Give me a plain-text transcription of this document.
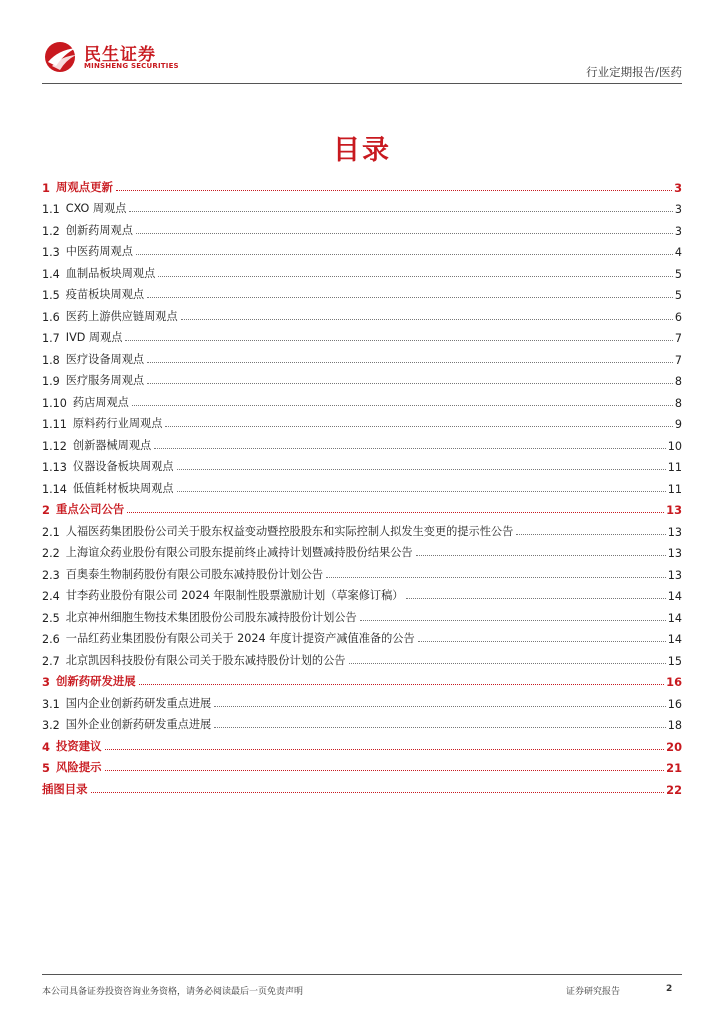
民生证券
MINSHENG SECURITIES	行业定期报告/医药
目录
1 周观点更新	3
1.1 CXO 周观点	3
1.2 创新药周观点	3
1.3 中医药周观点	4
1.4 血制品板块周观点	5
1.5 疫苗板块周观点	5
1.6 医药上游供应链周观点	6
1.7 IVD 周观点	7
1.8 医疗设备周观点	7
1.9 医疗服务周观点	8
1.10 药店周观点	8
1.11 原料药行业周观点	9
1.12 创新器械周观点	10
1.13 仪器设备板块周观点	11
1.14 低值耗材板块周观点	11
2 重点公司公告	13
2.1 人福医药集团股份公司关于股东权益变动暨控股股东和实际控制人拟发生变更的提示性公告	13
2.2 上海谊众药业股份有限公司股东提前终止减持计划暨减持股份结果公告	13
2.3 百奥泰生物制药股份有限公司股东减持股份计划公告	13
2.4 甘李药业股份有限公司 2024 年限制性股票激励计划（草案修订稿）	14
2.5 北京神州细胞生物技术集团股份公司股东减持股份计划公告	14
2.6 一品红药业集团股份有限公司关于 2024 年度计提资产减值准备的公告	14
2.7 北京凯因科技股份有限公司关于股东减持股份计划的公告	15
3 创新药研发进展	16
3.1 国内企业创新药研发重点进展	16
3.2 国外企业创新药研发重点进展	18
4 投资建议	20
5 风险提示	21
插图目录	22
本公司具备证券投资咨询业务资格，请务必阅读最后一页免责声明	证券研究报告	2
